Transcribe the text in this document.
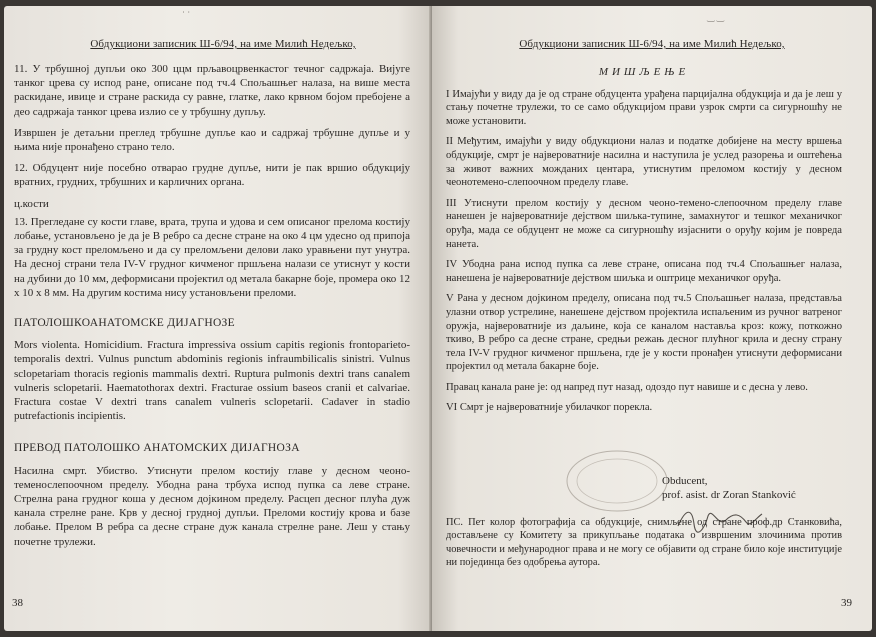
˙ ˙
Обдукциони записник Ш-6/94, на име Милић Недељко,

11. У трбушној дупљи око 300 ццм прљавоцрвенкастог течног садржаја. Вијуге танког црева су испод ране, описане под тч.4 Спољашњег налаза, на више места раскидане, ивице и стране раскида су равне, глатке, лако крвном бојом пребојене а део садржаја танког црева излио се у трбушну дупљу.

Извршен је детаљни преглед трбушне дупље као и садржај трбушне дупље и у њима није пронађено страно тело.

12. Обдуцент није посебно отварао грудне дупље, нити је пак вршио обдукцију вратних, грудних, трбушних и карличних органа.

ц.кости

13. Прегледане су кости главе, врата, трупа и удова и сем описаног прелома костију лобање, установљено је да је В ребро са десне стране на око 4 цм удесно од припоја за грудну кост преломљено и да су преломљени делови лако уравњени пут унутра. На десној страни тела IV-V грудног кичменог пршљена налази се утиснут у кости на дубини до 10 мм, деформисани пројектил од метала бакарне боје, промера око 12 x 10 x 8 мм. На другим костима нису установљени преломи.

ПАТОЛОШКОАНАТОМСКЕ ДИЈАГНОЗЕ

Mors violenta. Homicidium. Fractura impressiva ossium capitis regionis frontoparieto-temporalis dextri. Vulnus punctum abdominis regionis infraumbilicalis sinistri. Vulnus sclopetariam thoracis regionis mammalis dextri. Ruptura pulmonis dextri trans canalem vulneris sclopetarii. Haematothorax dextri. Fracturae ossium baseos cranii et calvariae. Fractura costae V dextri trans canalem vulneris sclopetarii. Cadaver in stadio putrefactionis incipientis.

ПРЕВОД ПАТОЛОШКО АНАТОМСКИХ ДИЈАГНОЗА

Насилна смрт. Убиство. Утиснути прелом костију главе у десном чеоно-теменослепоочном пределу. Убодна рана трбуха испод пупка са леве стране. Стрелна рана грудног коша у десном дојкином пределу. Расцеп десног плућа дуж канала стрелне ране. Крв у десној грудној дупљи. Преломи костију крова и базе лобање. Прелом В ребра са десне стране дуж канала стрелне ране. Леш у стању почетне трулежи.

38
‿ ‿
Обдукциони записник Ш-6/94, на име Милић Недељко,
МИШЉЕЊЕ

I Имајући у виду да је од стране обдуцента урађена парцијална обдукција и да је леш у стању почетне трулежи, то се само обдукцијом прави узрок смрти са сигурношћу не може установити.

II Међутим, имајући у виду обдукциони налаз и податке добијене на месту вршења обдукције, смрт је највероватније насилна и наступила је услед разорења и оштећења за живот важних можданих центара, утиснутим преломом костију у десном чеонотемено-слепоочном пределу главе.

III Утиснути прелом костију у десном чеоно-темено-слепоочном пределу главе нанешен је највероватније дејством шиљка-тупине, замахнутог и тешког механичког оруђа, мада се обдуцент не може са сигурношћу изјаснити о оруђу којим је повреда нанета.

IV Убодна рана испод пупка са леве стране, описана под тч.4 Спољашњег налаза, нанешена је највероватније дејством шиљка и оштрице механичког оруђа.

V Рана у десном дојкином пределу, описана под тч.5 Спољашњег налаза, представља улазни отвор устрелине, нанешене дејством пројектила испаљеним из ручног ватреног оружја, највероватније из даљине, која се каналом наставља кроз: кожу, поткожно ткиво, В ребро са десне стране, средњи режањ десног плућног крила и десну страну тела IV-V грудног кичменог пршљена, где је у кости пронађен утиснути деформисани пројектил од метала бакарне боје.

Правац канала ране је: од напред пут назад, одоздо пут навише и с десна у лево.

VI Смрт је највероватније убилачког порекла.

Obducent,
prof. asist. dr Zoran Stanković
ПС. Пет колор фотографија са обдукције, снимљене од стране проф.др Станковића, достављене су Комитету за прикупљање података о извршеним злочинима против човечности и међународног права и не могу се објавити од стране било које институције ни појединца без одобрења аутора.
39
